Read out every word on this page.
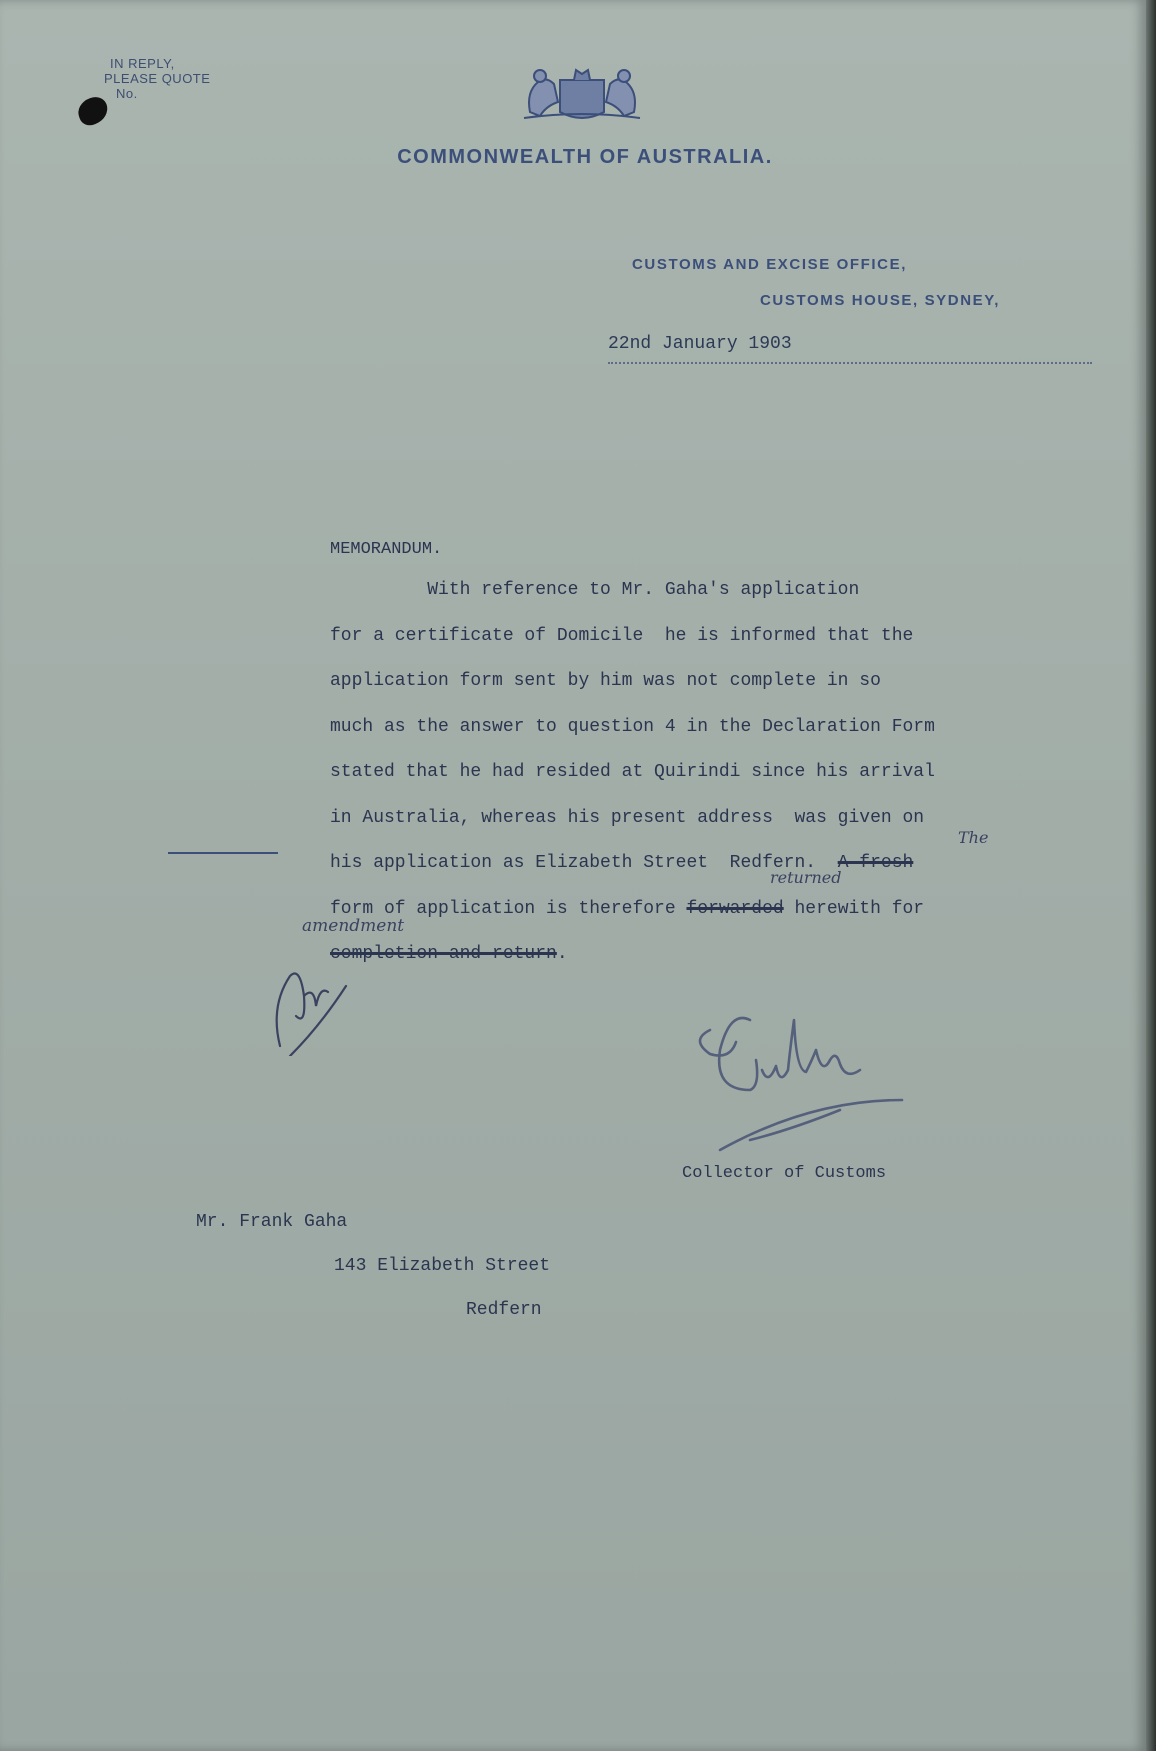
IN REPLY,
PLEASE QUOTE
No.
COMMONWEALTH OF AUSTRALIA.
CUSTOMS AND EXCISE OFFICE,
CUSTOMS HOUSE, SYDNEY,
22nd January 1903
MEMORANDUM.
With reference to Mr. Gaha's application
for a certificate of Domicile  he is informed that the
application form sent by him was not complete in so
much as the answer to question 4 in the Declaration Form
stated that he had resided at Quirindi since his arrival
in Australia, whereas his present address  was given on
his application as Elizabeth Street  Redfern.  A fresh
form of application is therefore forwarded herewith for
completion and return.
The
returned
amendment
Collector of Customs
Mr. Frank Gaha
143 Elizabeth Street
Redfern
